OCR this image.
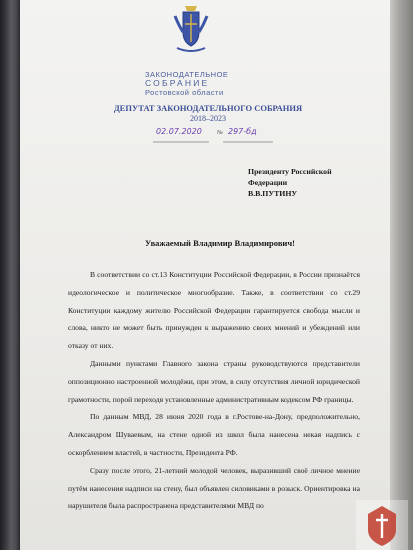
ЗАКОНОДАТЕЛЬНОЕ
СОБРАНИЕ
Ростовской области
ДЕПУТАТ ЗАКОНОДАТЕЛЬНОГО СОБРАНИЯ
2018–2023
02.07.2020	№ 297-бд
Президенту Российской
Федерации
В.В.ПУТИНУ
Уважаемый Владимир Владимирович!

В соответствии со ст.13 Конституции Российской Федерации, в России признаётся идеологическое и политическое многообразие. Также, в соответствии со ст.29 Конституции каждому жителю Российской Федерации гарантируется свобода мысли и слова, никто не может быть принужден к выражению своих мнений и убеждений или отказу от них.

Данными пунктами Главного закона страны руководствуются представители оппозиционно настроенной молодёжи, при этом, в силу отсутствия личной юридической грамотности, порой переходя установленные административным кодексом РФ границы.

По данным МВД, 28 июня 2020 года в г.Ростове-на-Дону, предположительно, Александром Шуваевым, на стене одной из школ была нанесена некая надпись с оскорблением властей, в частности, Президента РФ.

Сразу после этого, 21-летний молодой человек, выразивший своё личное мнение путём нанесения надписи на стену, был объявлен силовиками в розыск. Ориентировка на нарушителя была распространена представителями МВД по
